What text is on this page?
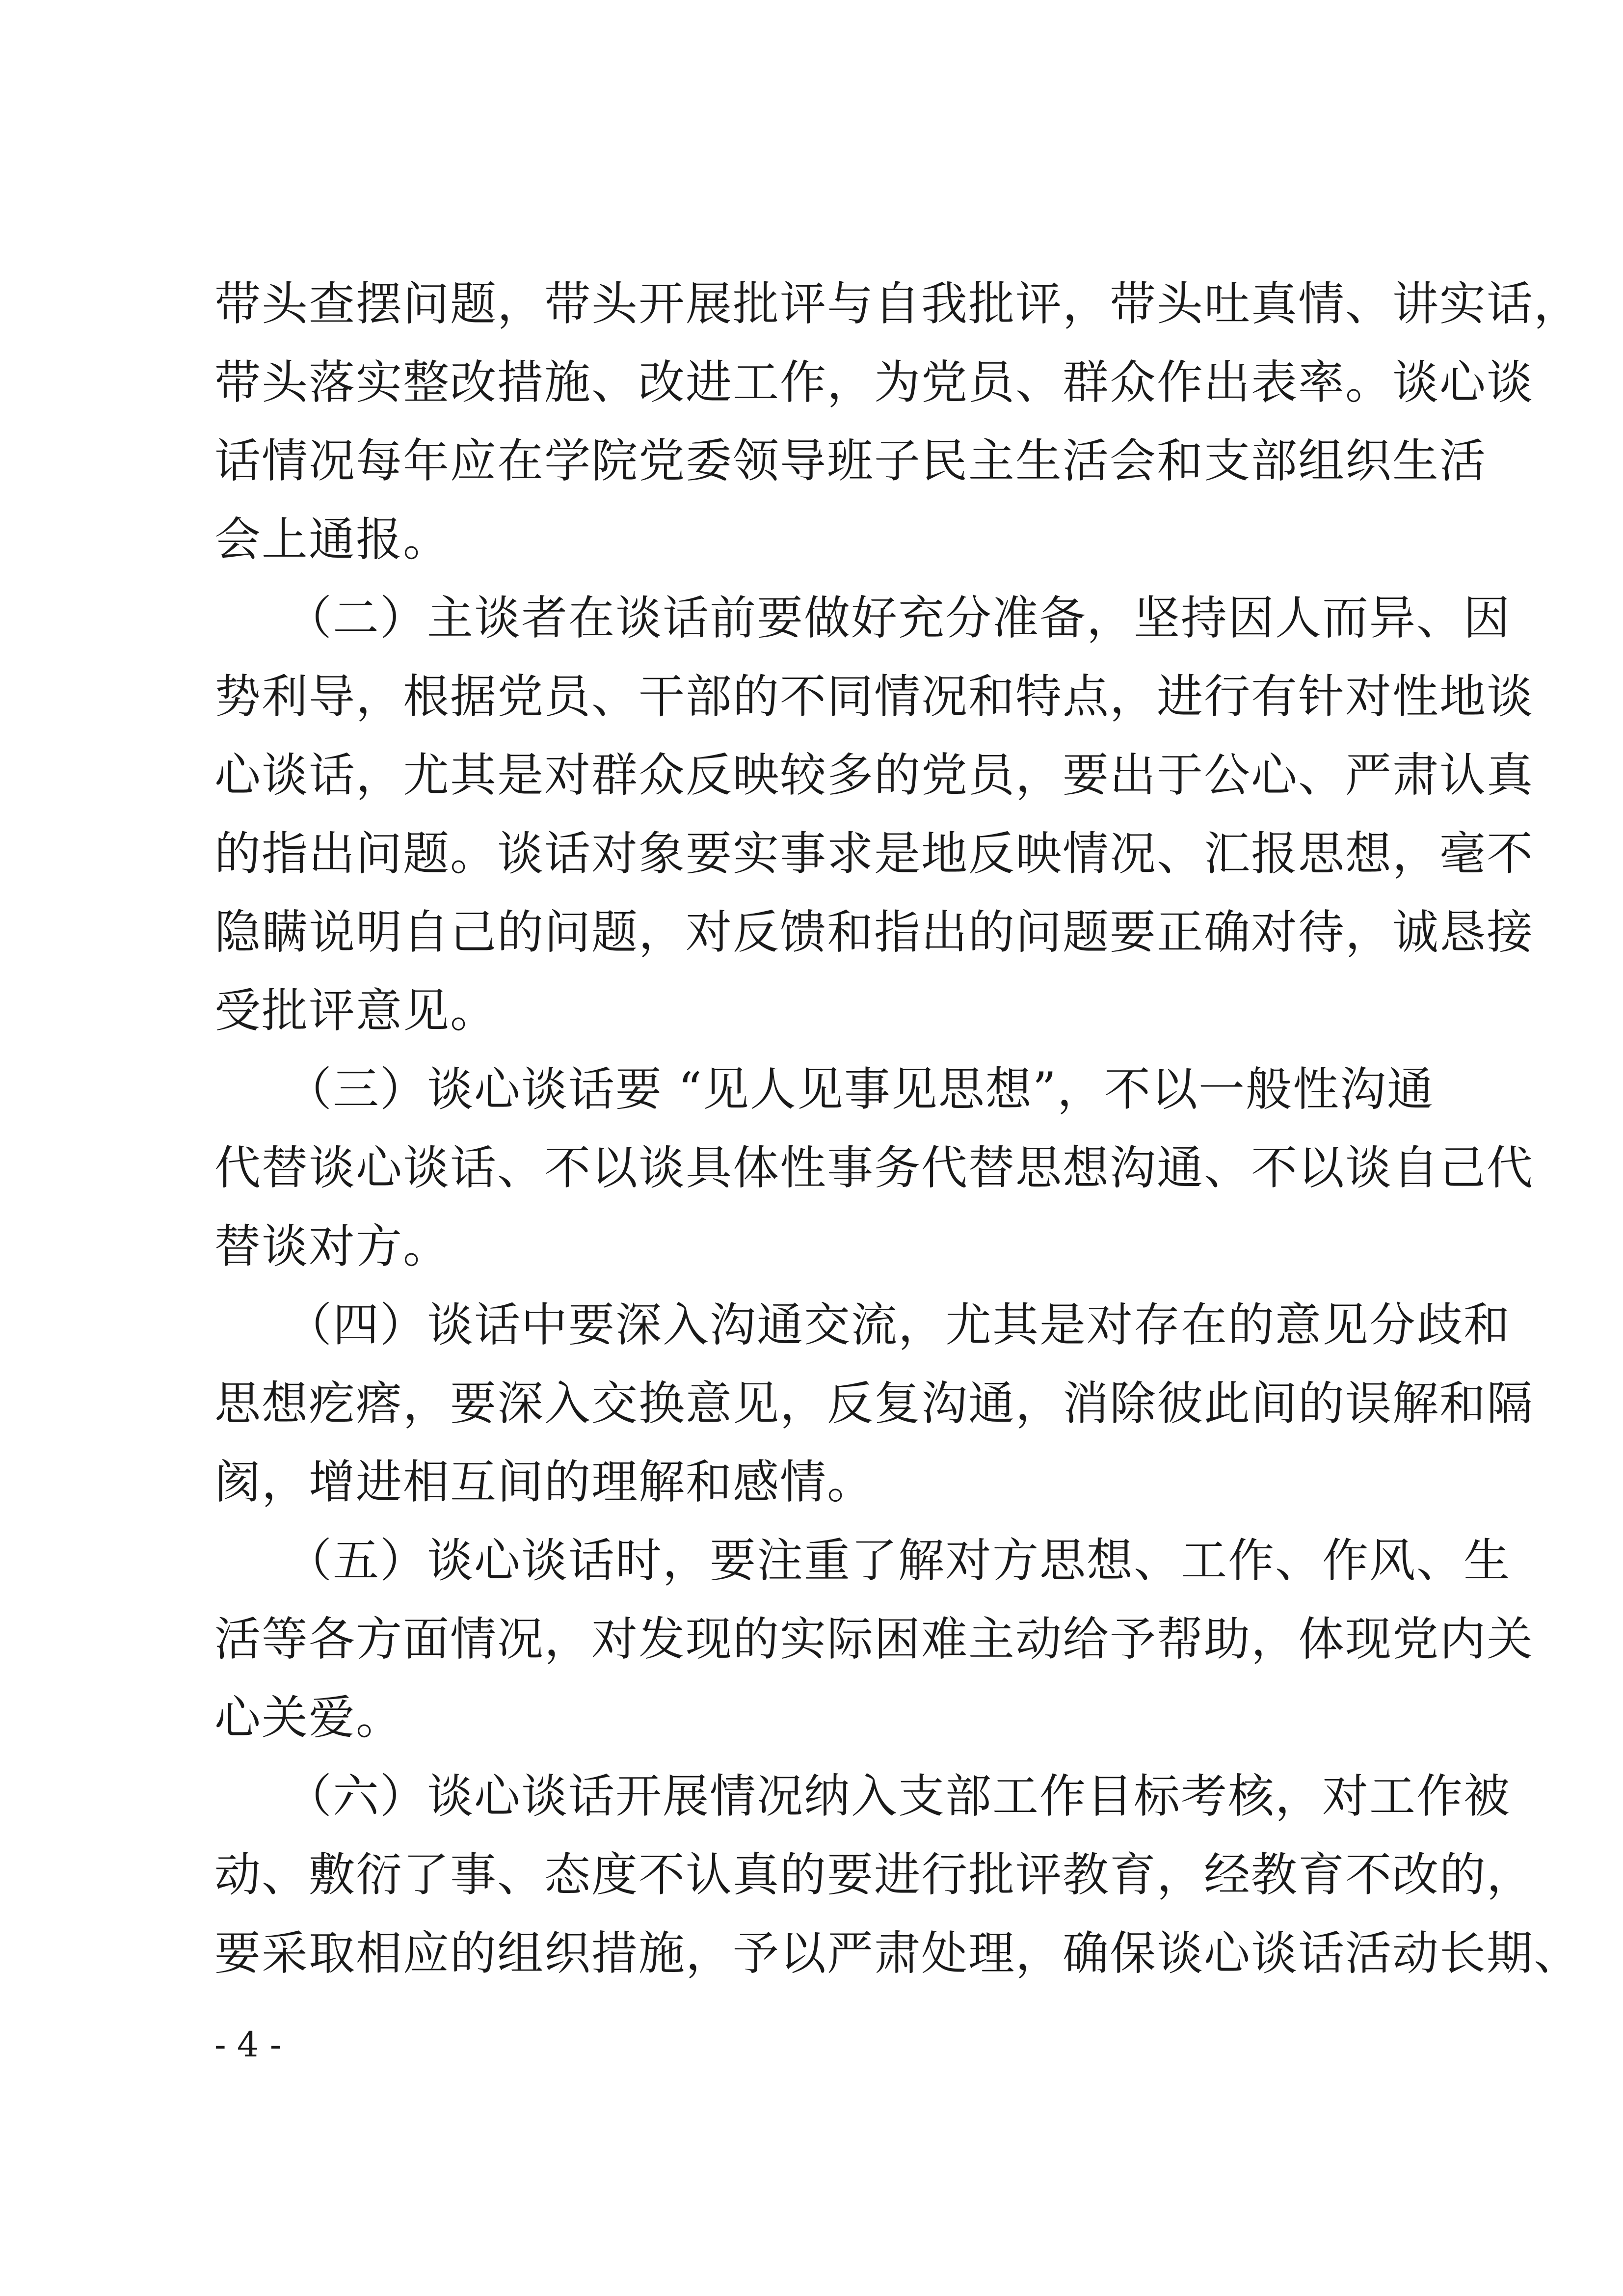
带头查摆问题，带头开展批评与自我批评，带头吐真情、讲实话，
带头落实整改措施、改进工作，为党员、群众作出表率。谈心谈
话情况每年应在学院党委领导班子民主生活会和支部组织生活
会上通报。
　　（二）主谈者在谈话前要做好充分准备，坚持因人而异、因
势利导，根据党员、干部的不同情况和特点，进行有针对性地谈
心谈话，尤其是对群众反映较多的党员，要出于公心、严肃认真
的指出问题。谈话对象要实事求是地反映情况、汇报思想，毫不
隐瞒说明自己的问题，对反馈和指出的问题要正确对待，诚恳接
受批评意见。
　　（三）谈心谈话要 “见人见事见思想”，不以一般性沟通
代替谈心谈话、不以谈具体性事务代替思想沟通、不以谈自己代
替谈对方。
　　（四）谈话中要深入沟通交流，尤其是对存在的意见分歧和
思想疙瘩，要深入交换意见，反复沟通，消除彼此间的误解和隔
阂，增进相互间的理解和感情。
　　（五）谈心谈话时，要注重了解对方思想、工作、作风、生
活等各方面情况，对发现的实际困难主动给予帮助，体现党内关
心关爱。
　　（六）谈心谈话开展情况纳入支部工作目标考核，对工作被
动、敷衍了事、态度不认真的要进行批评教育，经教育不改的，
要采取相应的组织措施，予以严肃处理，确保谈心谈话活动长期、
- 4 -
